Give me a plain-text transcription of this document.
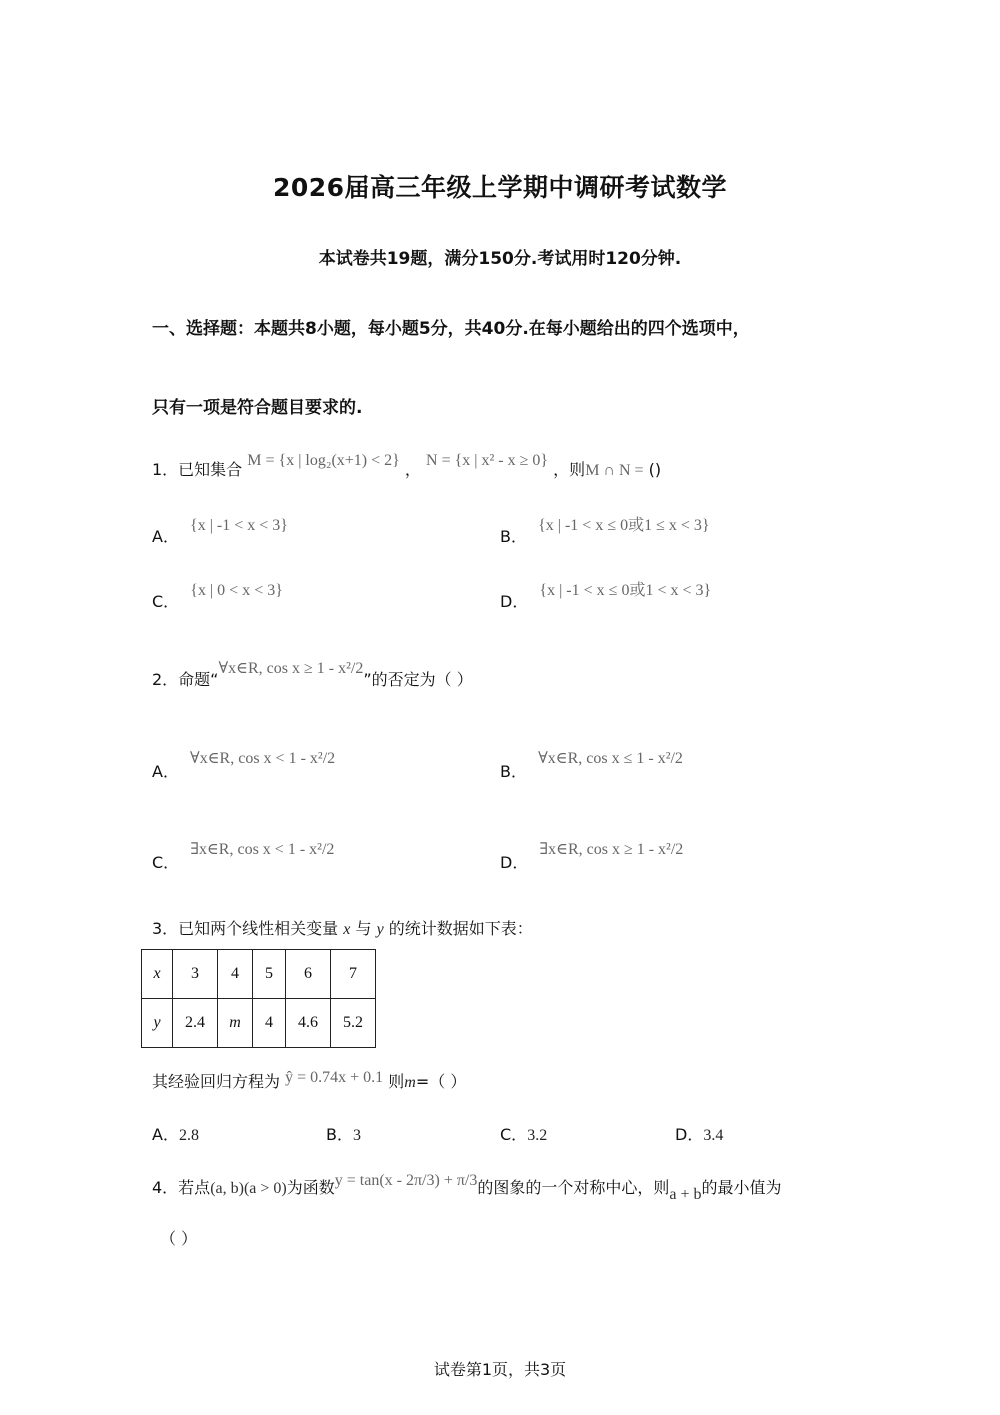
2026届高三年级上学期中调研考试数学
本试卷共19题，满分150分.考试用时120分钟.
一、选择题：本题共8小题，每小题5分，共40分.在每小题给出的四个选项中，
只有一项是符合题目要求的.
1．已知集合 M = {x | log₂(x+1) < 2} ， N = {x | x² - x ≥ 0} ，则M ∩ N = ()
A． {x | -1 < x < 3}
B． {x | -1 < x ≤ 0或1 ≤ x < 3}
C． {x | 0 < x < 3}
D． {x | -1 < x ≤ 0或1 < x < 3}
2．命题“∀x∈R, cos x ≥ 1 - x²/2”的否定为（ ）
A． ∀x∈R, cos x < 1 - x²/2
B． ∀x∈R, cos x ≤ 1 - x²/2
C． ∃x∈R, cos x < 1 - x²/2
D． ∃x∈R, cos x ≥ 1 - x²/2
3．已知两个线性相关变量 x 与 y 的统计数据如下表：
x	3	4	5	6	7
y	2.4	m	4	4.6	5.2
其经验回归方程为 ŷ = 0.74x + 0.1 则m=（ ）
A．2.8	B．3	C．3.2	D．3.4
4．若点(a, b)(a > 0)为函数y = tan(x - 2π/3) + π/3的图象的一个对称中心，则a + b的最小值为
（ ）
试卷第1页，共3页
